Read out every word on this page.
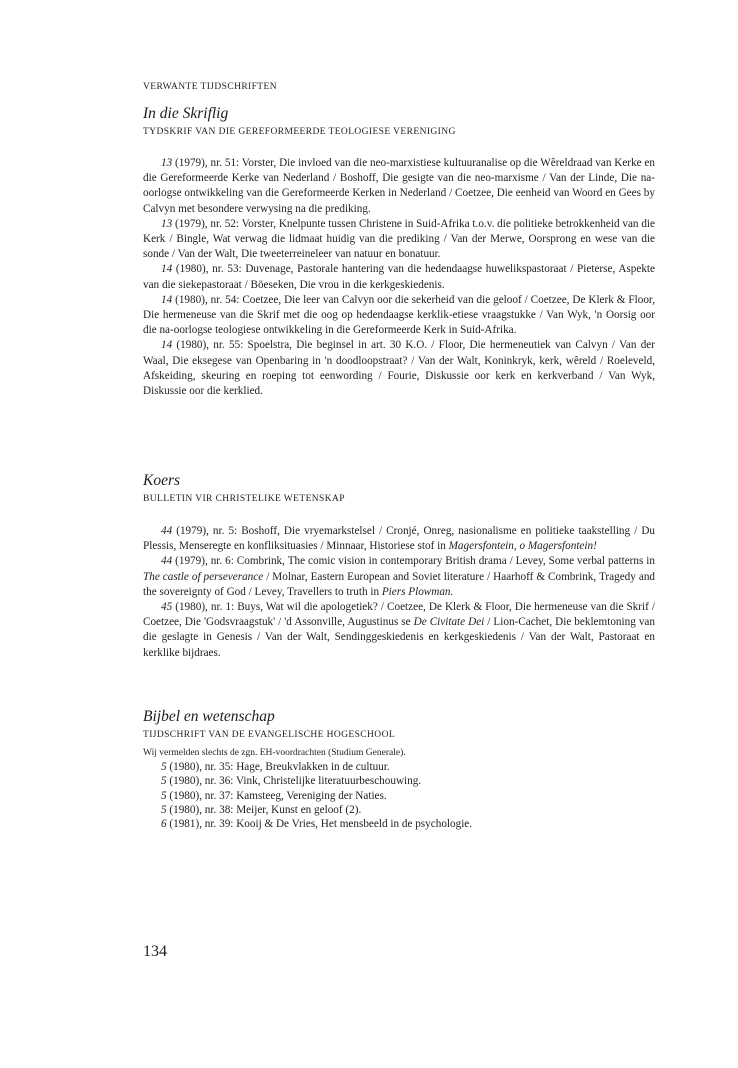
VERWANTE TIJDSCHRIFTEN
In die Skriflig
TYDSKRIF VAN DIE GEREFORMEERDE TEOLOGIESE VERENIGING

13 (1979), nr. 51: Vorster, Die invloed van die neo-marxistiese kultuuranalise op die Wêreldraad van Kerke en die Gereformeerde Kerke van Nederland / Boshoff, Die gesigte van die neo-marxisme / Van der Linde, Die na-oorlogse ontwikkeling van die Gereformeerde Kerken in Nederland / Coetzee, Die eenheid van Woord en Gees by Calvyn met besondere verwysing na die prediking.

13 (1979), nr. 52: Vorster, Knelpunte tussen Christene in Suid-Afrika t.o.v. die politieke betrokkenheid van die Kerk / Bingle, Wat verwag die lidmaat huidig van die prediking / Van der Merwe, Oorsprong en wese van die sonde / Van der Walt, Die tweeterreineleer van natuur en bonatuur.

14 (1980), nr. 53: Duvenage, Pastorale hantering van die hedendaagse huwelikspastoraat / Pieterse, Aspekte van die siekepastoraat / Böeseken, Die vrou in die kerkgeskiedenis.

14 (1980), nr. 54: Coetzee, Die leer van Calvyn oor die sekerheid van die geloof / Coetzee, De Klerk & Floor, Die hermeneuse van die Skrif met die oog op hedendaagse kerklik-etiese vraagstukke / Van Wyk, 'n Oorsig oor die na-oorlogse teologiese ontwikkeling in die Gereformeerde Kerk in Suid-Afrika.

14 (1980), nr. 55: Spoelstra, Die beginsel in art. 30 K.O. / Floor, Die hermeneutiek van Calvyn / Van der Waal, Die eksegese van Openbaring in 'n doodloopstraat? / Van der Walt, Koninkryk, kerk, wêreld / Roeleveld, Afskeiding, skeuring en roeping tot eenwording / Fourie, Diskussie oor kerk en kerkverband / Van Wyk, Diskussie oor die kerklied.

Koers
BULLETIN VIR CHRISTELIKE WETENSKAP

44 (1979), nr. 5: Boshoff, Die vryemarkstelsel / Cronjé, Onreg, nasionalisme en politieke taakstelling / Du Plessis, Menseregte en konfliksituasies / Minnaar, Historiese stof in Magersfontein, o Magersfontein!

44 (1979), nr. 6: Combrink, The comic vision in contemporary British drama / Levey, Some verbal patterns in The castle of perseverance / Molnar, Eastern European and Soviet literature / Haarhoff & Combrink, Tragedy and the sovereignty of God / Levey, Travellers to truth in Piers Plowman.

45 (1980), nr. 1: Buys, Wat wil die apologetiek? / Coetzee, De Klerk & Floor, Die hermeneuse van die Skrif / Coetzee, Die 'Godsvraagstuk' / 'd Assonville, Augustinus se De Civitate Dei / Lion-Cachet, Die beklemtoning van die geslagte in Genesis / Van der Walt, Sendinggeskiedenis en kerkgeskiedenis / Van der Walt, Pastoraat en kerklike bijdraes.

Bijbel en wetenschap
TIJDSCHRIFT VAN DE EVANGELISCHE HOGESCHOOL

Wij vermelden slechts de zgn. EH-voordrachten (Studium Generale).

5 (1980), nr. 35: Hage, Breukvlakken in de cultuur.
5 (1980), nr. 36: Vink, Christelijke literatuurbeschouwing.
5 (1980), nr. 37: Kamsteeg, Vereniging der Naties.
5 (1980), nr. 38: Meijer, Kunst en geloof (2).
6 (1981), nr. 39: Kooij & De Vries, Het mensbeeld in de psychologie.
134
